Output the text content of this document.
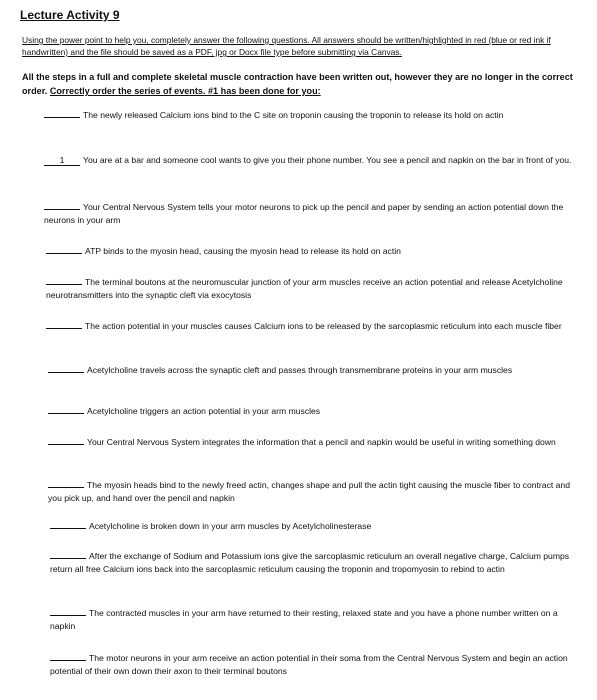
Lecture Activity 9
Using the power point to help you, completely answer the following questions. All answers should be written/highlighted in red (blue or red ink if handwritten) and the file should be saved as a PDF, jpg or Docx file type before submitting via Canvas.
All the steps in a full and complete skeletal muscle contraction have been written out, however they are no longer in the correct order. Correctly order the series of events. #1 has been done for you:
The newly released Calcium ions bind to the C site on troponin causing the troponin to release its hold on actin
1 You are at a bar and someone cool wants to give you their phone number. You see a pencil and napkin on the bar in front of you.
Your Central Nervous System tells your motor neurons to pick up the pencil and paper by sending an action potential down the neurons in your arm
ATP binds to the myosin head, causing the myosin head to release its hold on actin
The terminal boutons at the neuromuscular junction of your arm muscles receive an action potential and release Acetylcholine neurotransmitters into the synaptic cleft via exocytosis
The action potential in your muscles causes Calcium ions to be released by the sarcoplasmic reticulum into each muscle fiber
Acetylcholine travels across the synaptic cleft and passes through transmembrane proteins in your arm muscles
Acetylcholine triggers an action potential in your arm muscles
Your Central Nervous System integrates the information that a pencil and napkin would be useful in writing something down
The myosin heads bind to the newly freed actin, changes shape and pull the actin tight causing the muscle fiber to contract and you pick up, and hand over the pencil and napkin
Acetylcholine is broken down in your arm muscles by Acetylcholinesterase
After the exchange of Sodium and Potassium ions give the sarcoplasmic reticulum an overall negative charge, Calcium pumps return all free Calcium ions back into the sarcoplasmic reticulum causing the troponin and tropomyosin to rebind to actin
The contracted muscles in your arm have returned to their resting, relaxed state and you have a phone number written on a napkin
The motor neurons in your arm receive an action potential in their soma from the Central Nervous System and begin an action potential of their own down their axon to their terminal boutons
